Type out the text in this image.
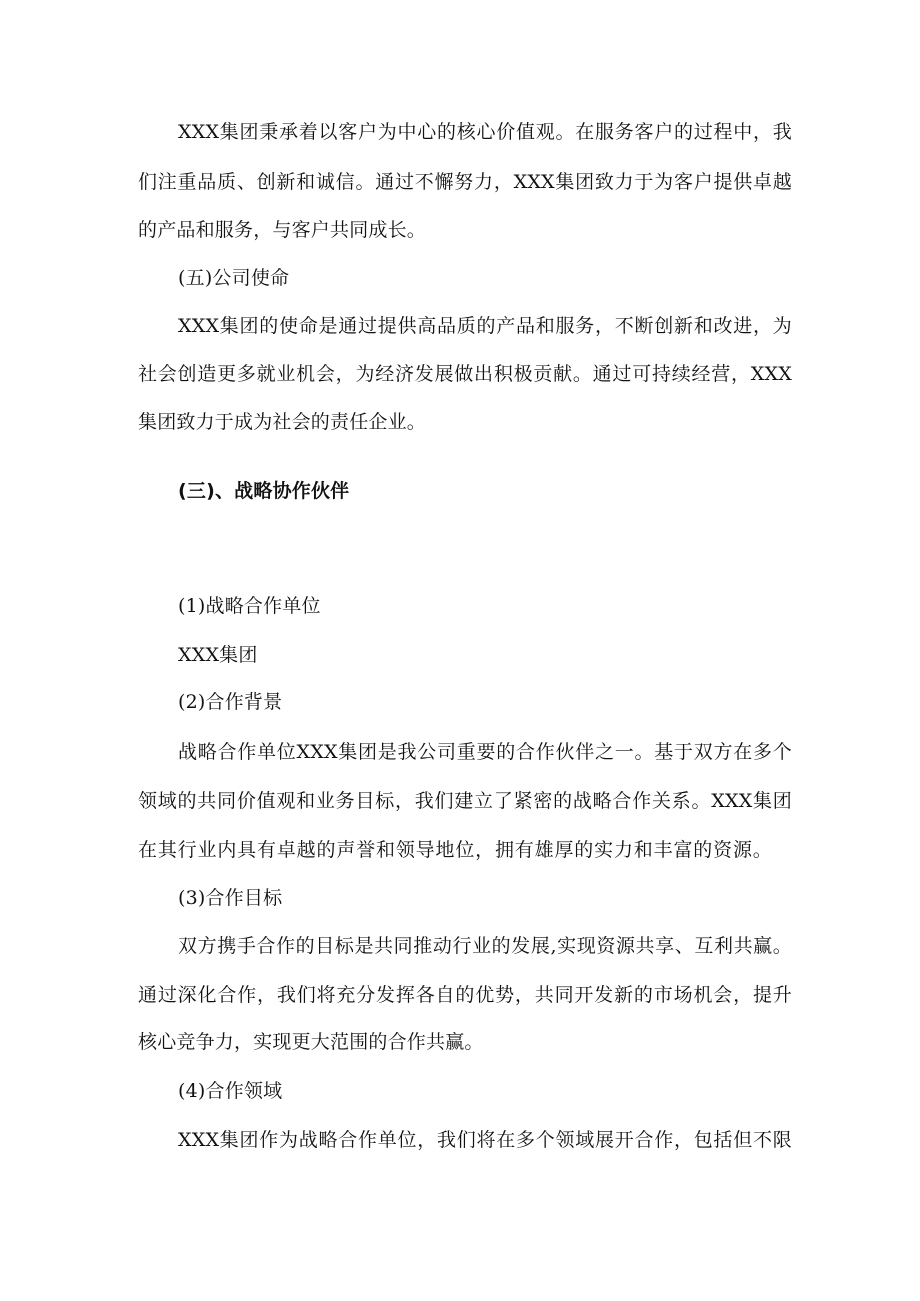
XXX集团秉承着以客户为中心的核心价值观。在服务客户的过程中，我
们注重品质、创新和诚信。通过不懈努力，XXX集团致力于为客户提供卓越
的产品和服务，与客户共同成长。
(五)公司使命
XXX集团的使命是通过提供高品质的产品和服务，不断创新和改进，为
社会创造更多就业机会，为经济发展做出积极贡献。通过可持续经营，XXX
集团致力于成为社会的责任企业。
(三)、战略协作伙伴
(1)战略合作单位
XXX集团
(2)合作背景
战略合作单位XXX集团是我公司重要的合作伙伴之一。基于双方在多个
领域的共同价值观和业务目标，我们建立了紧密的战略合作关系。XXX集团
在其行业内具有卓越的声誉和领导地位，拥有雄厚的实力和丰富的资源。
(3)合作目标
双方携手合作的目标是共同推动行业的发展,实现资源共享、互利共赢。
通过深化合作，我们将充分发挥各自的优势，共同开发新的市场机会，提升
核心竞争力，实现更大范围的合作共赢。
(4)合作领域
XXX集团作为战略合作单位，我们将在多个领域展开合作，包括但不限
